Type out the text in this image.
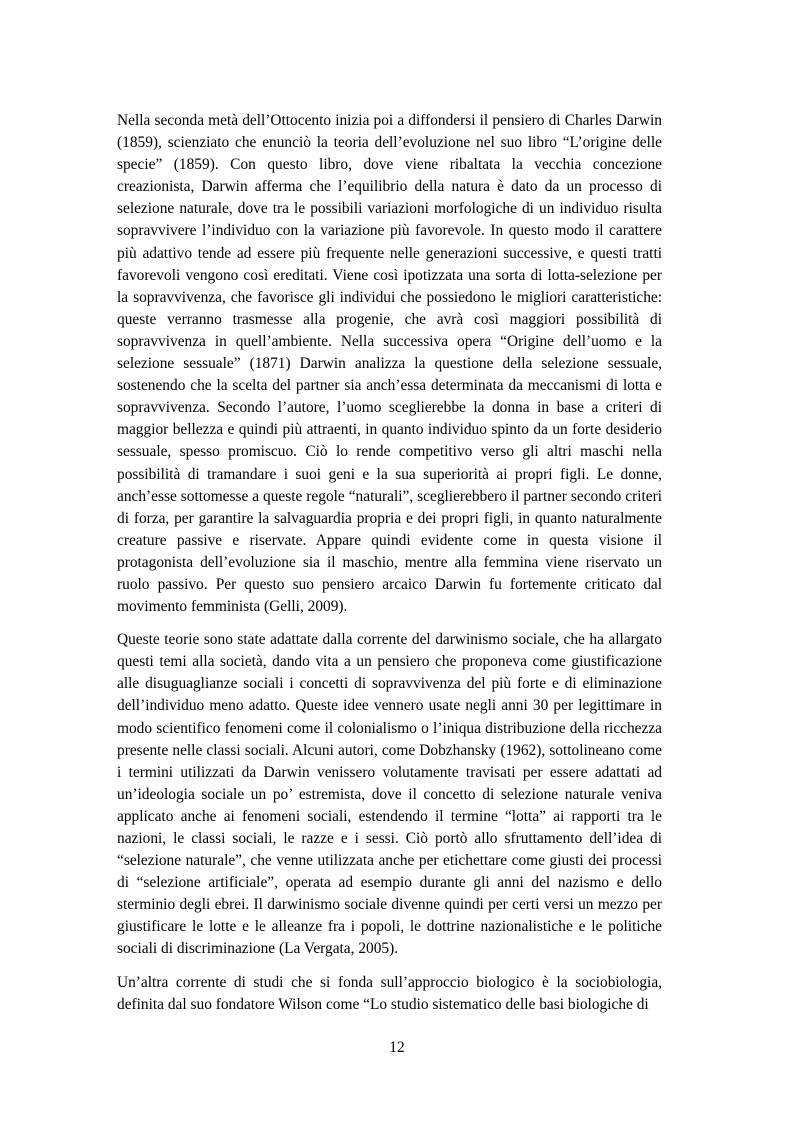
Nella seconda metà dell’Ottocento inizia poi a diffondersi il pensiero di Charles Darwin (1859), scienziato che enunciò la teoria dell’evoluzione nel suo libro “L’origine delle specie” (1859). Con questo libro, dove viene ribaltata la vecchia concezione creazionista, Darwin afferma che l’equilibrio della natura è dato da un processo di selezione naturale, dove tra le possibili variazioni morfologiche di un individuo risulta sopravvivere l’individuo con la variazione più favorevole. In questo modo il carattere più adattivo tende ad essere più frequente nelle generazioni successive, e questi tratti favorevoli vengono così ereditati. Viene così ipotizzata una sorta di lotta-selezione per la sopravvivenza, che favorisce gli individui che possiedono le migliori caratteristiche: queste verranno trasmesse alla progenie, che avrà così maggiori possibilità di sopravvivenza in quell’ambiente. Nella successiva opera “Origine dell’uomo e la selezione sessuale” (1871) Darwin analizza la questione della selezione sessuale, sostenendo che la scelta del partner sia anch’essa determinata da meccanismi di lotta e sopravvivenza. Secondo l’autore, l’uomo sceglierebbe la donna in base a criteri di maggior bellezza e quindi più attraenti, in quanto individuo spinto da un forte desiderio sessuale, spesso promiscuo. Ciò lo rende competitivo verso gli altri maschi nella possibilità di tramandare i suoi geni e la sua superiorità ai propri figli. Le donne, anch’esse sottomesse a queste regole “naturali”, sceglierebbero il partner secondo criteri di forza, per garantire la salvaguardia propria e dei propri figli, in quanto naturalmente creature passive e riservate. Appare quindi evidente come in questa visione il protagonista dell’evoluzione sia il maschio, mentre alla femmina viene riservato un ruolo passivo. Per questo suo pensiero arcaico Darwin fu fortemente criticato dal movimento femminista (Gelli, 2009).

Queste teorie sono state adattate dalla corrente del darwinismo sociale, che ha allargato questi temi alla società, dando vita a un pensiero che proponeva come giustificazione alle disuguaglianze sociali i concetti di sopravvivenza del più forte e di eliminazione dell’individuo meno adatto. Queste idee vennero usate negli anni 30 per legittimare in modo scientifico fenomeni come il colonialismo o l’iniqua distribuzione della ricchezza presente nelle classi sociali. Alcuni autori, come Dobzhansky (1962), sottolineano come i termini utilizzati da Darwin venissero volutamente travisati per essere adattati ad un’ideologia sociale un po’ estremista, dove il concetto di selezione naturale veniva applicato anche ai fenomeni sociali, estendendo il termine “lotta” ai rapporti tra le nazioni, le classi sociali, le razze e i sessi. Ciò portò allo sfruttamento dell’idea di “selezione naturale”, che venne utilizzata anche per etichettare come giusti dei processi di “selezione artificiale”, operata ad esempio durante gli anni del nazismo e dello sterminio degli ebrei. Il darwinismo sociale divenne quindi per certi versi un mezzo per giustificare le lotte e le alleanze fra i popoli, le dottrine nazionalistiche e le politiche sociali di discriminazione (La Vergata, 2005).

Un’altra corrente di studi che si fonda sull’approccio biologico è la sociobiologia, definita dal suo fondatore Wilson come “Lo studio sistematico delle basi biologiche di

12
